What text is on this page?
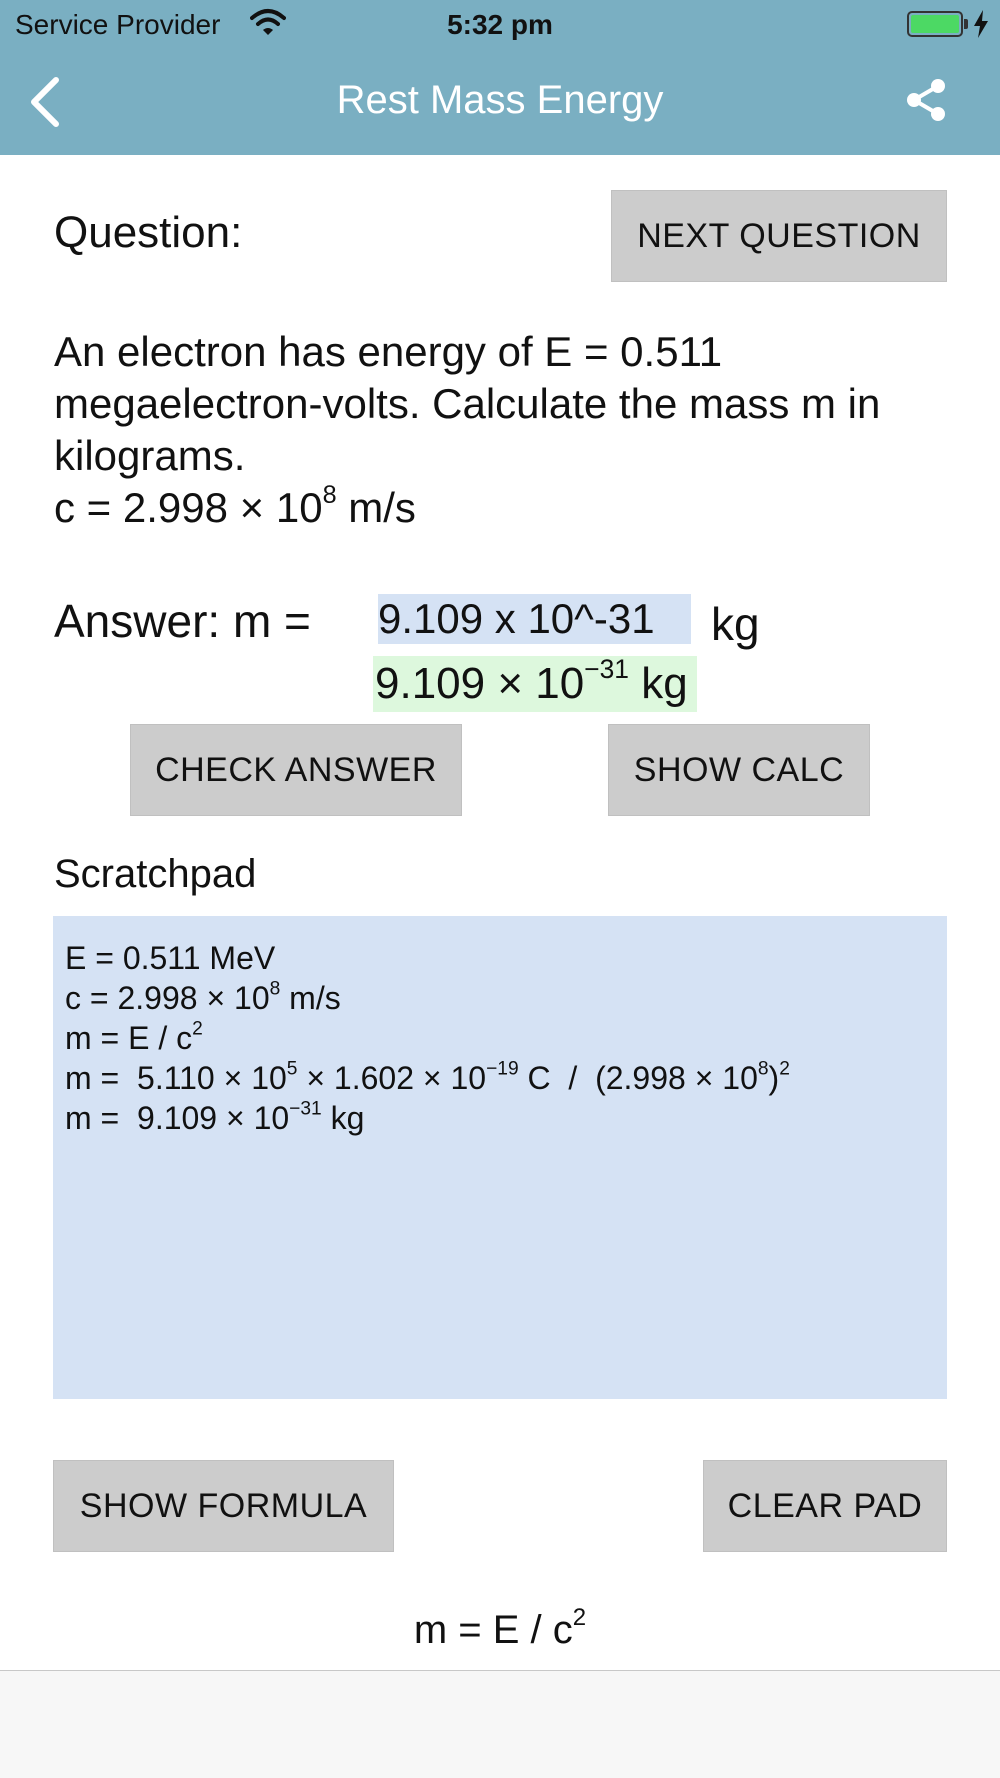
Service Provider	5:32 pm
Rest Mass Energy
Question:	NEXT QUESTION
An electron has energy of E = 0.511
megaelectron-volts. Calculate the mass m in
kilograms.
$c = 2.998 \times 10^8$ m/s
Answer: m =
9.109 x 10^-31	kg
$9.109 \times 10^{-31}$ kg
CHECK ANSWER	SHOW CALC
Scratchpad
E = 0.511 MeV
$c = 2.998 \times 10^8$ m/s
$m = E / c^2$
$m = 5.110 \times 10^5 \times 1.602 \times 10^{-19}$ $C / (2.998 \times 10^8)^2$
$m = 9.109 \times 10^{-31}$ kg
SHOW FORMULA	CLEAR PAD
$m = E / c^2$
